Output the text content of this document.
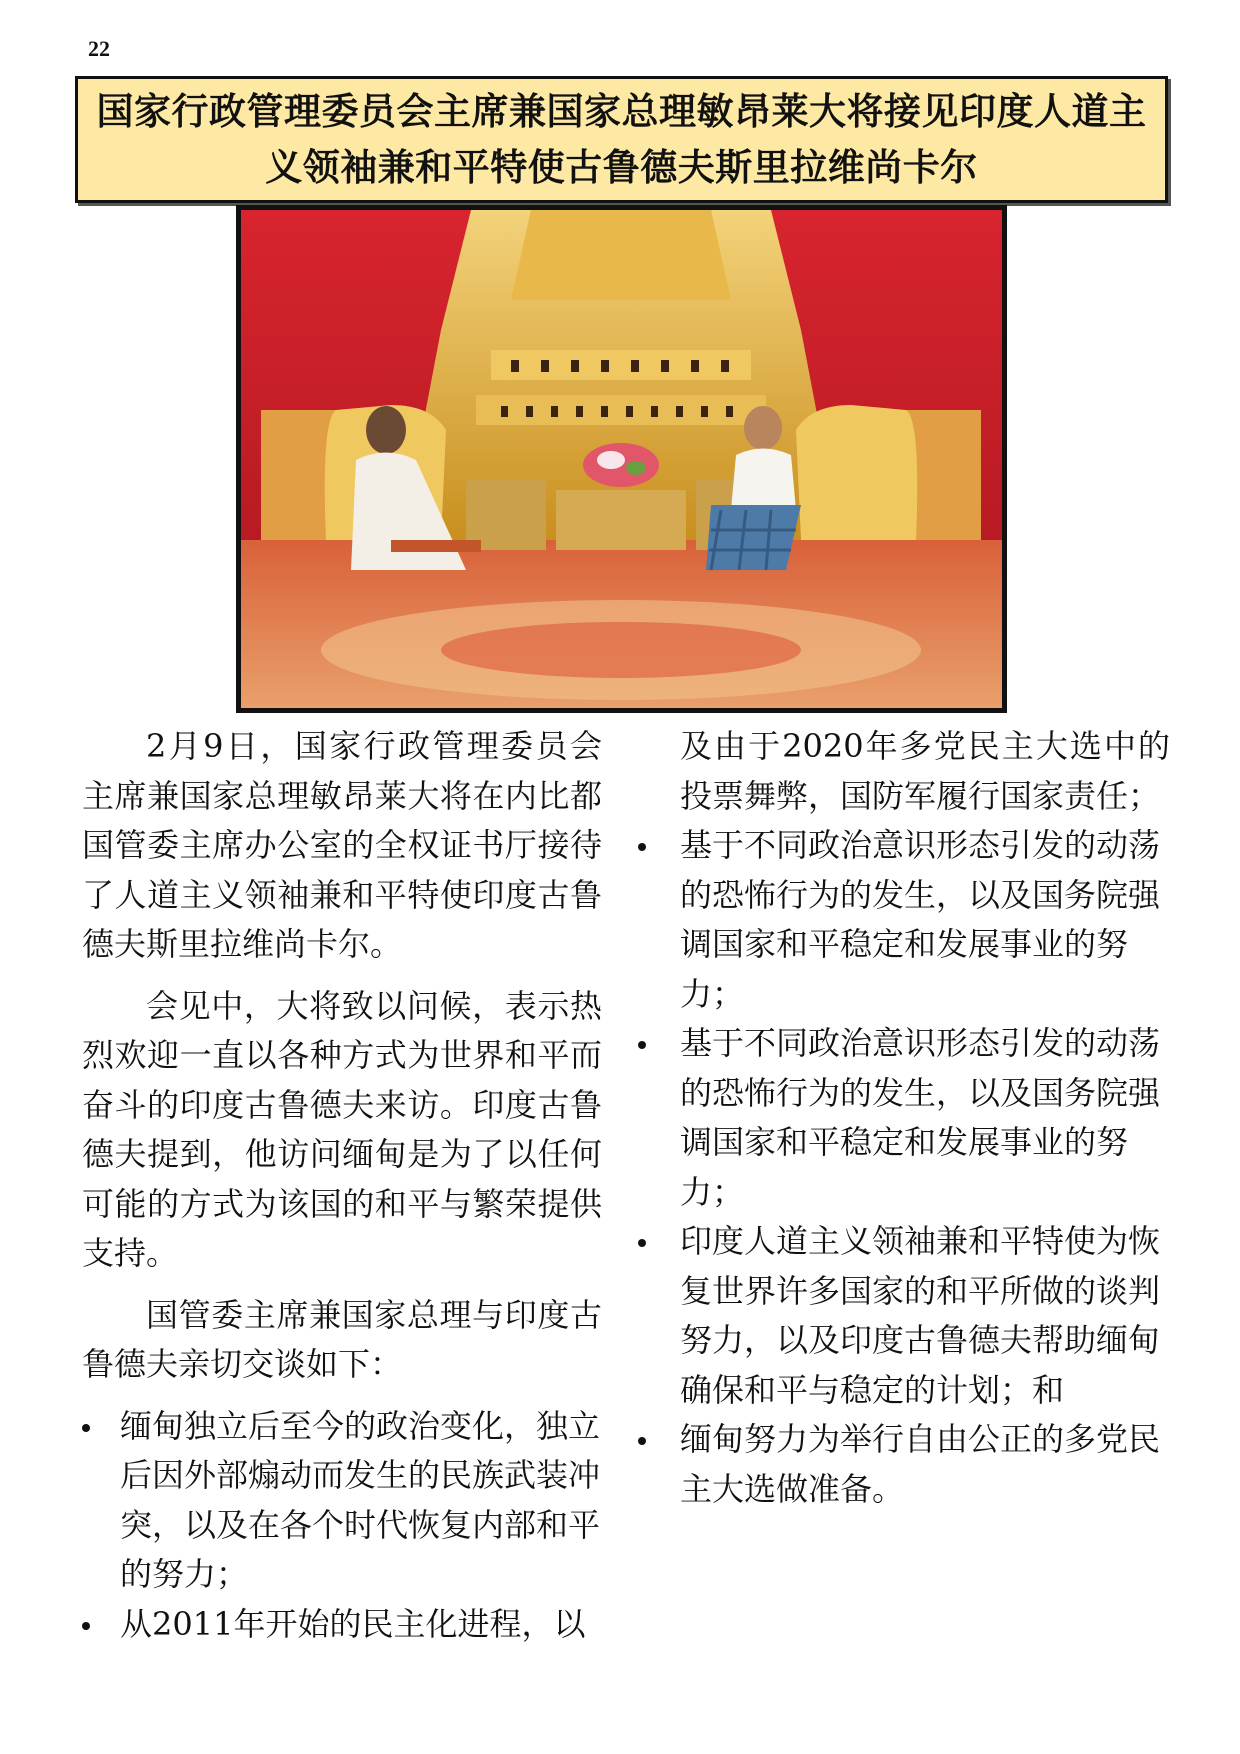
22
国家行政管理委员会主席兼国家总理敏昂莱大将接见印度人道主
义领袖兼和平特使古鲁德夫斯里拉维尚卡尔

2月9日，国家行政管理委员会主席兼国家总理敏昂莱大将在内比都国管委主席办公室的全权证书厅接待了人道主义领袖兼和平特使印度古鲁德夫斯里拉维尚卡尔。

会见中，大将致以问候，表示热烈欢迎一直以各种方式为世界和平而奋斗的印度古鲁德夫来访。印度古鲁德夫提到，他访问缅甸是为了以任何可能的方式为该国的和平与繁荣提供支持。

国管委主席兼国家总理与印度古鲁德夫亲切交谈如下：

缅甸独立后至今的政治变化，独立后因外部煽动而发生的民族武装冲突，以及在各个时代恢复内部和平的努力；
从2011年开始的民主化进程，以

及由于2020年多党民主大选中的投票舞弊，国防军履行国家责任；

基于不同政治意识形态引发的动荡的恐怖行为的发生，以及国务院强调国家和平稳定和发展事业的努力；
基于不同政治意识形态引发的动荡的恐怖行为的发生，以及国务院强调国家和平稳定和发展事业的努力；
印度人道主义领袖兼和平特使为恢复世界许多国家的和平所做的谈判努力，以及印度古鲁德夫帮助缅甸确保和平与稳定的计划；和
缅甸努力为举行自由公正的多党民主大选做准备。
